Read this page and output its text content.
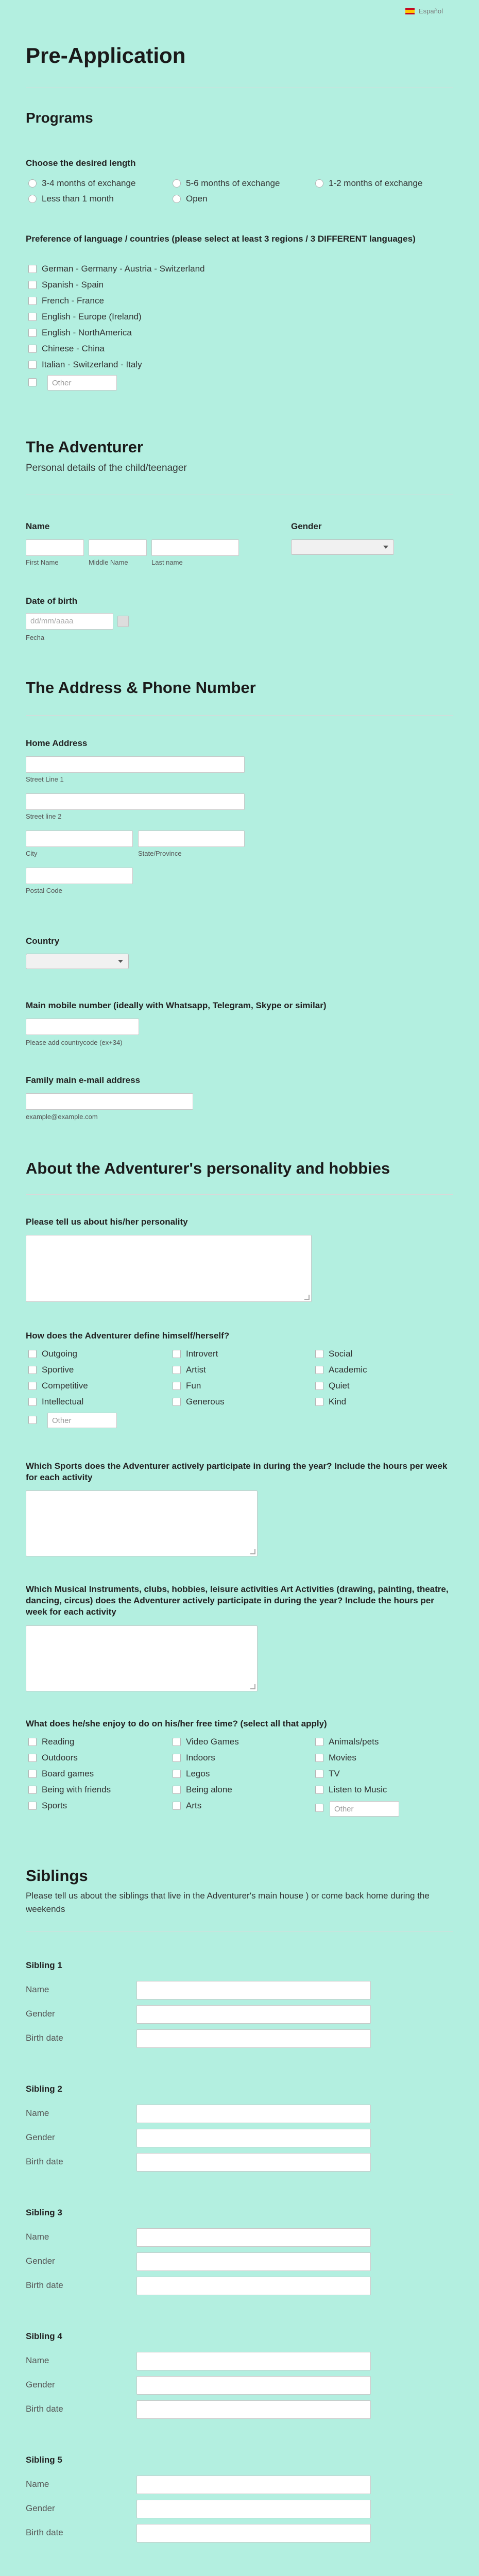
Español
Pre-Application
Programs
Choose the desired length
3-4 months of exchange	5-6 months of exchange	1-2 months of exchange
Less than 1 month	Open
Preference of language / countries (please select at least 3 regions / 3 DIFFERENT languages)
German - Germany - Austria - Switzerland
Spanish - Spain
French - France
English - Europe (Ireland)
English - NorthAmerica
Chinese - China
Italian - Switzerland - Italy
Other
The Adventurer
Personal details of the child/teenager
Name	Gender
First Name	Middle Name	Last name
Date of birth
dd/mm/aaaa
Fecha
The Address & Phone Number
Home Address
Street Line 1
Street line 2
City	State/Province
Postal Code
Country
Main mobile number (ideally with Whatsapp, Telegram, Skype or similar)
Please add countrycode (ex+34)
Family main e-mail address
example@example.com
About the Adventurer's personality and hobbies
Please tell us about his/her personality
How does the Adventurer define himself/herself?
Outgoing
Sportive
Competitive
Intellectual
Introvert
Artist
Fun
Generous
Social
Academic
Quiet
Kind
Other
Which Sports does the Adventurer actively participate in during the year? Include the hours per week for each activity
Which Musical Instruments, clubs, hobbies, leisure activities Art Activities (drawing, painting, theatre, dancing, circus) does the Adventurer actively participate in during the year? Include the hours per week for each activity
What does he/she enjoy to do on his/her free time? (select all that apply)
Reading
Outdoors
Board games
Being with friends
Sports
Video Games
Indoors
Legos
Being alone
Arts
Animals/pets
Movies
TV
Listen to Music
Other
Siblings
Please tell us about the siblings that live in the Adventurer's main house ) or come back home during the weekends
Sibling 1
Name
Gender
Birth date
Sibling 2
Name
Gender
Birth date
Sibling 3
Name
Gender
Birth date
Sibling 4
Name
Gender
Birth date
Sibling 5
Name
Gender
Birth date
